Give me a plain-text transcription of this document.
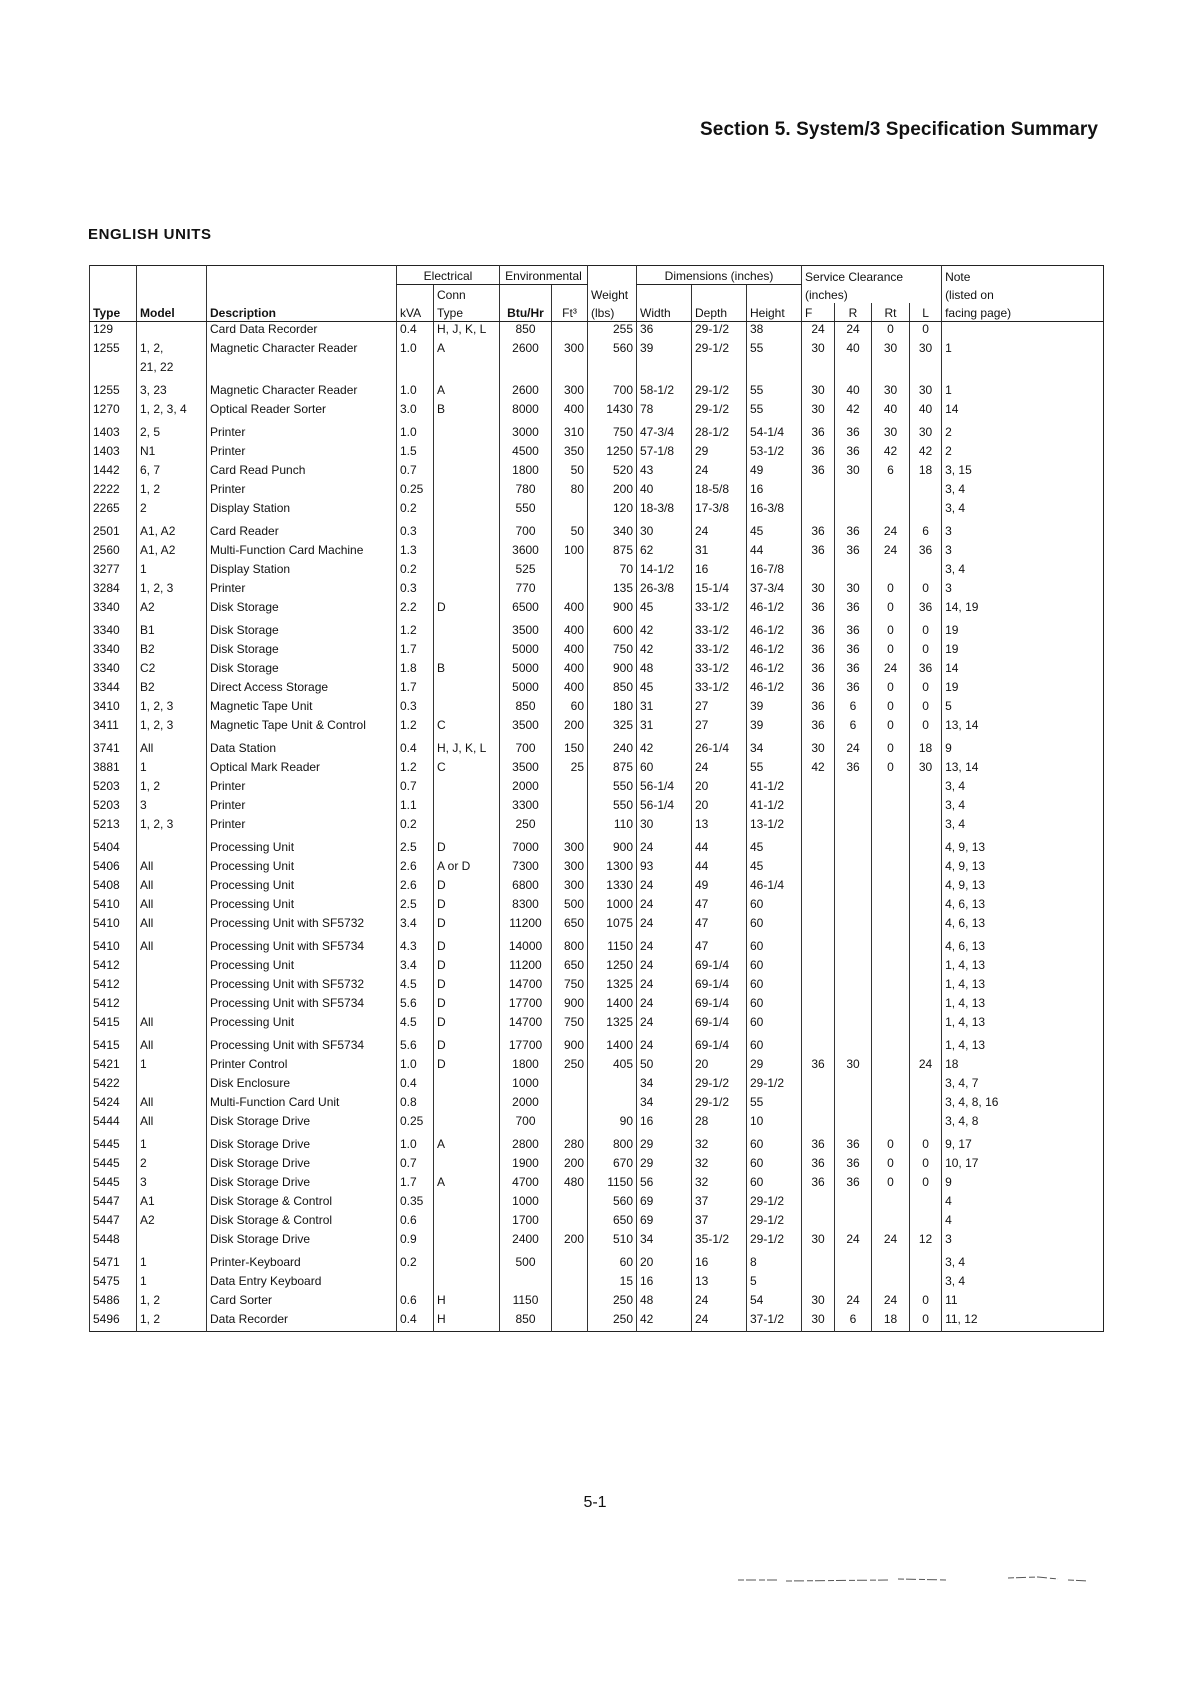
Section 5. System/3 Specification Summary
ENGLISH UNITS
			Electrical		Environmental			Dimensions (inches)			Service Clearance				Note
				Conn			Weight				(inches)				(listed on
Type	Model	Description	kVA	Type	Btu/Hr	Ft³	(lbs)	Width	Depth	Height	F	R	Rt	L	facing page)
129		Card Data Recorder	0.4	H, J, K, L	850		255	36	29-1/2	38	24	24	0	0	
1255	1, 2,	Magnetic Character Reader	1.0	A	2600	300	560	39	29-1/2	55	30	40	30	30	1
	21, 22														
1255	3, 23	Magnetic Character Reader	1.0	A	2600	300	700	58-1/2	29-1/2	55	30	40	30	30	1
1270	1, 2, 3, 4	Optical Reader Sorter	3.0	B	8000	400	1430	78	29-1/2	55	30	42	40	40	14
1403	2, 5	Printer	1.0		3000	310	750	47-3/4	28-1/2	54-1/4	36	36	30	30	2
1403	N1	Printer	1.5		4500	350	1250	57-1/8	29	53-1/2	36	36	42	42	2
1442	6, 7	Card Read Punch	0.7		1800	50	520	43	24	49	36	30	6	18	3, 15
2222	1, 2	Printer	0.25		780	80	200	40	18-5/8	16					3, 4
2265	2	Display Station	0.2		550		120	18-3/8	17-3/8	16-3/8					3, 4
2501	A1, A2	Card Reader	0.3		700	50	340	30	24	45	36	36	24	6	3
2560	A1, A2	Multi-Function Card Machine	1.3		3600	100	875	62	31	44	36	36	24	36	3
3277	1	Display Station	0.2		525		70	14-1/2	16	16-7/8					3, 4
3284	1, 2, 3	Printer	0.3		770		135	26-3/8	15-1/4	37-3/4	30	30	0	0	3
3340	A2	Disk Storage	2.2	D	6500	400	900	45	33-1/2	46-1/2	36	36	0	36	14, 19
3340	B1	Disk Storage	1.2		3500	400	600	42	33-1/2	46-1/2	36	36	0	0	19
3340	B2	Disk Storage	1.7		5000	400	750	42	33-1/2	46-1/2	36	36	0	0	19
3340	C2	Disk Storage	1.8	B	5000	400	900	48	33-1/2	46-1/2	36	36	24	36	14
3344	B2	Direct Access Storage	1.7		5000	400	850	45	33-1/2	46-1/2	36	36	0	0	19
3410	1, 2, 3	Magnetic Tape Unit	0.3		850	60	180	31	27	39	36	6	0	0	5
3411	1, 2, 3	Magnetic Tape Unit & Control	1.2	C	3500	200	325	31	27	39	36	6	0	0	13, 14
3741	All	Data Station	0.4	H, J, K, L	700	150	240	42	26-1/4	34	30	24	0	18	9
3881	1	Optical Mark Reader	1.2	C	3500	25	875	60	24	55	42	36	0	30	13, 14
5203	1, 2	Printer	0.7		2000		550	56-1/4	20	41-1/2					3, 4
5203	3	Printer	1.1		3300		550	56-1/4	20	41-1/2					3, 4
5213	1, 2, 3	Printer	0.2		250		110	30	13	13-1/2					3, 4
5404		Processing Unit	2.5	D	7000	300	900	24	44	45					4, 9, 13
5406	All	Processing Unit	2.6	A or D	7300	300	1300	93	44	45					4, 9, 13
5408	All	Processing Unit	2.6	D	6800	300	1330	24	49	46-1/4					4, 9, 13
5410	All	Processing Unit	2.5	D	8300	500	1000	24	47	60					4, 6, 13
5410	All	Processing Unit with SF5732	3.4	D	11200	650	1075	24	47	60					4, 6, 13
5410	All	Processing Unit with SF5734	4.3	D	14000	800	1150	24	47	60					4, 6, 13
5412		Processing Unit	3.4	D	11200	650	1250	24	69-1/4	60					1, 4, 13
5412		Processing Unit with SF5732	4.5	D	14700	750	1325	24	69-1/4	60					1, 4, 13
5412		Processing Unit with SF5734	5.6	D	17700	900	1400	24	69-1/4	60					1, 4, 13
5415	All	Processing Unit	4.5	D	14700	750	1325	24	69-1/4	60					1, 4, 13
5415	All	Processing Unit with SF5734	5.6	D	17700	900	1400	24	69-1/4	60					1, 4, 13
5421	1	Printer Control	1.0	D	1800	250	405	50	20	29	36	30		24	18
5422		Disk Enclosure	0.4		1000			34	29-1/2	29-1/2					3, 4, 7
5424	All	Multi-Function Card Unit	0.8		2000			34	29-1/2	55					3, 4, 8, 16
5444	All	Disk Storage Drive	0.25		700		90	16	28	10					3, 4, 8
5445	1	Disk Storage Drive	1.0	A	2800	280	800	29	32	60	36	36	0	0	9, 17
5445	2	Disk Storage Drive	0.7		1900	200	670	29	32	60	36	36	0	0	10, 17
5445	3	Disk Storage Drive	1.7	A	4700	480	1150	56	32	60	36	36	0	0	9
5447	A1	Disk Storage & Control	0.35		1000		560	69	37	29-1/2					4
5447	A2	Disk Storage & Control	0.6		1700		650	69	37	29-1/2					4
5448		Disk Storage Drive	0.9		2400	200	510	34	35-1/2	29-1/2	30	24	24	12	3
5471	1	Printer-Keyboard	0.2		500		60	20	16	8					3, 4
5475	1	Data Entry Keyboard					15	16	13	5					3, 4
5486	1, 2	Card Sorter	0.6	H	1150		250	48	24	54	30	24	24	0	11
5496	1, 2	Data Recorder	0.4	H	850		250	42	24	37-1/2	30	6	18	0	11, 12
5-1
